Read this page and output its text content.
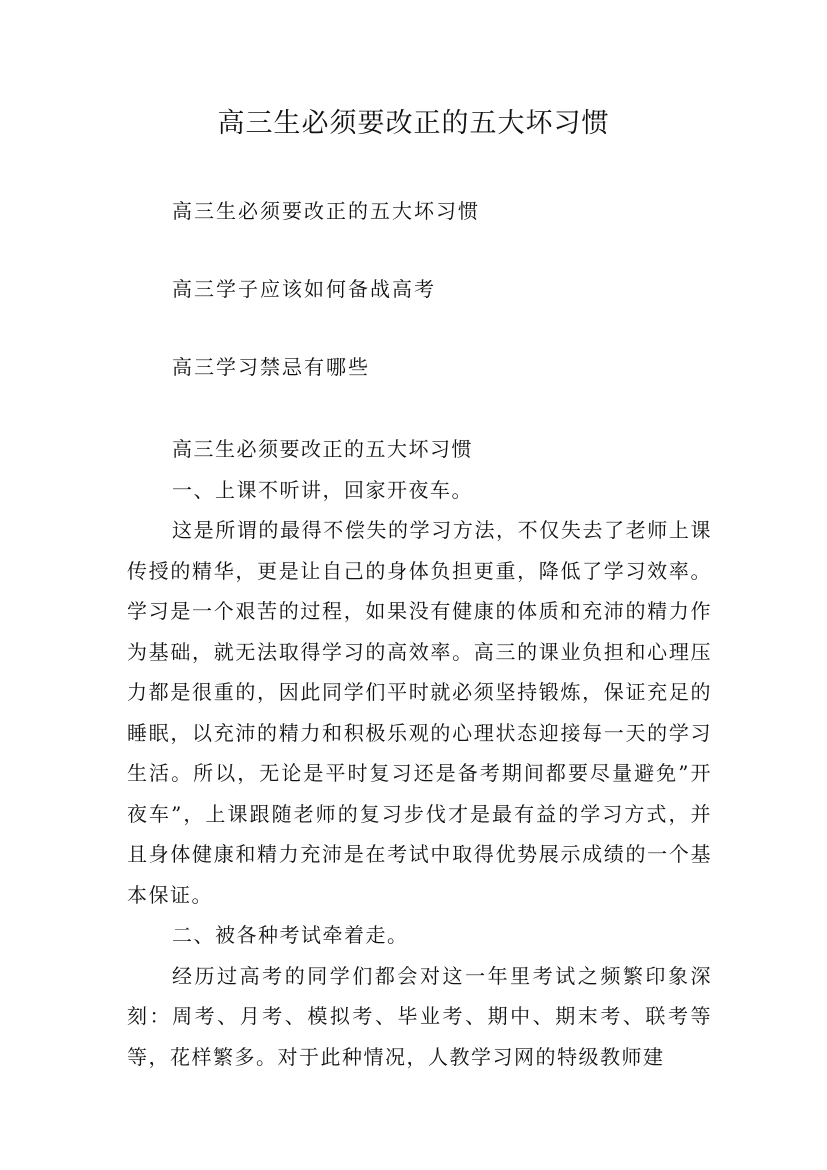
高三生必须要改正的五大坏习惯
高三生必须要改正的五大坏习惯
高三学子应该如何备战高考
高三学习禁忌有哪些

高三生必须要改正的五大坏习惯

一、上课不听讲，回家开夜车。

这是所谓的最得不偿失的学习方法，不仅失去了老师上课传授的精华，更是让自己的身体负担更重，降低了学习效率。学习是一个艰苦的过程，如果没有健康的体质和充沛的精力作为基础，就无法取得学习的高效率。高三的课业负担和心理压力都是很重的，因此同学们平时就必须坚持锻炼，保证充足的睡眠，以充沛的精力和积极乐观的心理状态迎接每一天的学习生活。所以，无论是平时复习还是备考期间都要尽量避免”开夜车”，上课跟随老师的复习步伐才是最有益的学习方式，并且身体健康和精力充沛是在考试中取得优势展示成绩的一个基本保证。

二、被各种考试牵着走。

经历过高考的同学们都会对这一年里考试之频繁印象深刻：周考、月考、模拟考、毕业考、期中、期末考、联考等等，花样繁多。对于此种情况，人教学习网的特级教师建
